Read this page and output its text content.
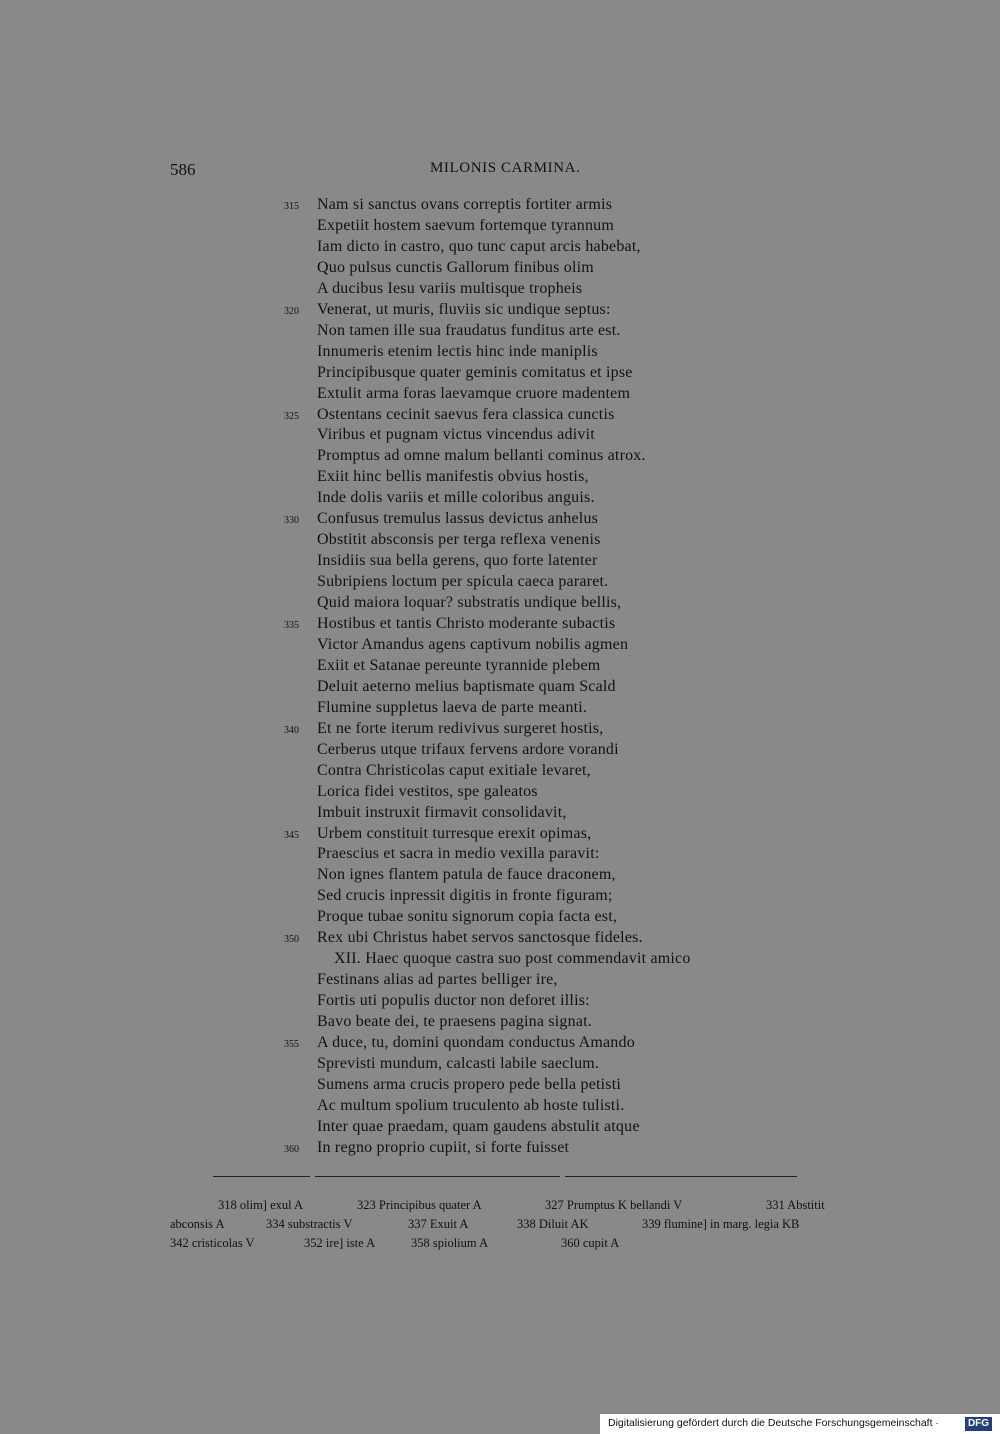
586	MILONIS CARMINA.
315 Nam si sanctus ovans correptis fortiter armis
Expetiit hostem saevum fortemque tyrannum
Iam dicto in castro, quo tunc caput arcis habebat,
Quo pulsus cunctis Gallorum finibus olim
A ducibus Iesu variis multisque tropheis
320 Venerat, ut muris, fluviis sic undique septus:
Non tamen ille sua fraudatus funditus arte est.
Innumeris etenim lectis hinc inde maniplis
Principibusque quater geminis comitatus et ipse
Extulit arma foras laevamque cruore madentem
325 Ostentans cecinit saevus fera classica cunctis
Viribus et pugnam victus vincendus adivit
Promptus ad omne malum bellanti cominus atrox.
Exiit hinc bellis manifestis obvius hostis,
Inde dolis variis et mille coloribus anguis.
330 Confusus tremulus lassus devictus anhelus
Obstitit absconsis per terga reflexa venenis
Insidiis sua bella gerens, quo forte latenter
Subripiens loctum per spicula caeca pararet.
Quid maiora loquar? substratis undique bellis,
335 Hostibus et tantis Christo moderante subactis
Victor Amandus agens captivum nobilis agmen
Exiit et Satanae pereunte tyrannide plebem
Deluit aeterno melius baptismate quam Scald
Flumine suppletus laeva de parte meanti.
340 Et ne forte iterum redivivus surgeret hostis,
Cerberus utque trifaux fervens ardore vorandi
Contra Christicolas caput exitiale levaret,
Lorica fidei vestitos, spe galeatos
Imbuit instruxit firmavit consolidavit,
345 Urbem constituit turresque erexit opimas,
Praescius et sacra in medio vexilla paravit:
Non ignes flantem patula de fauce draconem,
Sed crucis inpressit digitis in fronte figuram;
Proque tubae sonitu signorum copia facta est,
350 Rex ubi Christus habet servos sanctosque fideles.
XII. Haec quoque castra suo post commendavit amico
Festinans alias ad partes belliger ire,
Fortis uti populis ductor non deforet illis:
Bavo beate dei, te praesens pagina signat.
355 A duce, tu, domini quondam conductus Amando
Sprevisti mundum, calcasti labile saeclum.
Sumens arma crucis propero pede bella petisti
Ac multum spolium truculento ab hoste tulisti.
Inter quae praedam, quam gaudens abstulit atque
360 In regno proprio cupiit, si forte fuisset
318 olim] exul A	323 Principibus quater A	327 Prumptus K bellandi V	331 Abstitit
abconsis A	334 substractis V	337 Exuit A	338 Diluit AK	339 flumine] in marg. legia KB
342 cristicolas V	352 ire] iste A	358 spiolium A	360 cupit A
Digitalisierung gefördert durch die Deutsche Forschungsgemeinschaft ·	DFG
